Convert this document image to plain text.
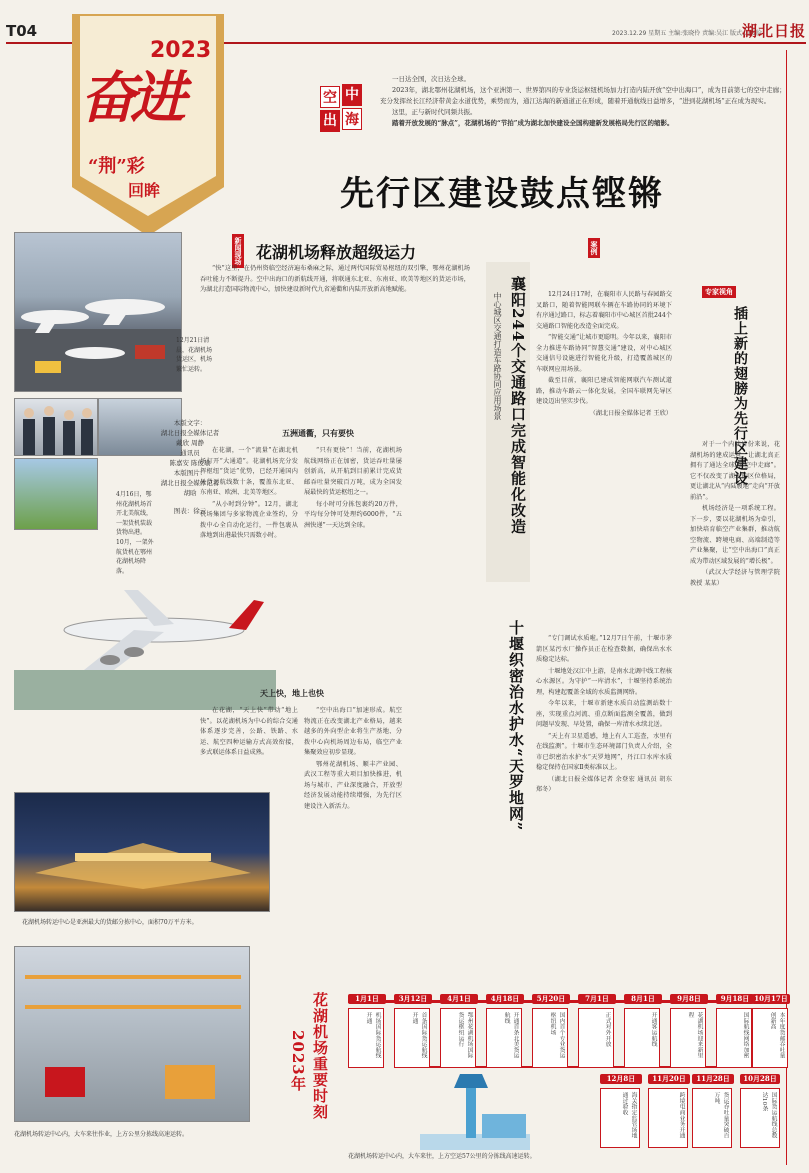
T04	2023.12.29 星期五 主编:张晓伶 责编:吴江 版式:刀俊脸
湖北日报
2023
奋进
“荆”彩
回眸
中
空
海
出

一日达全国，次日达全球。

2023年，湖北鄂州花湖机场，这个亚洲第一、世界第四的专业货运枢纽机场加力打造内陆开放“空中出海口”，成为目前第七的空中走廊；充分发挥丝长江经济带黄金水道优势，乘势而为，通江达海的新通道正在形成，随着开通航线日益增多，“进到花湖机场”正在成为现实。

这里，正与新时代同频共振。

踏着开放发展的“脉点”，花湖机场的“节拍”成为湖北加快建设全国构建新发展格局先行区的缩影。

先行区建设鼓点铿锵
12月21日清晨，花湖机场货运区，机场繁忙运转。
4月16日，鄂州花湖机场首开北美航线，一架货机装载货物出港。
本版文字：
湖北日报全媒体记者
戴欣 周静
通讯员
陈嘉安 陈俊瑜
本版图片：
湖北日报全媒体记者
胡晗
图表：徐云
10月，一架外航货机在鄂州花湖机场降落。
花湖机场转运中心是亚洲最大的货邮分拣中心，面积70万平方米。
花湖机场转运中心内，大车来往作业，上方公里分拣线高速运转。
新闻现场 花湖机场释放超级运力

“快”这里，在仍州资临空经济遍布桑麻之际，通过两代国际贸易枢纽的双引擎，鄂州花湖机场吞吐能力不断提升。空中出海口的新航线开通，将联通东北亚、东南亚、欧美等地区的货运市场，为湖北打造国际物流中心，加快建设新时代九省通衢和内陆开放新高地赋能。

五洲通衢，只有要快

在花湖，一个“流量”在湖北机场打开“大通道”。花湖机场充分发挥枢纽“货运”优势，已经开通国内外货运航线数十条，覆盖东北亚、东南亚、欧洲、北美等地区。

“从小时到分钟”。12月，湖北机场集团与多家物流企业签约，分拨中心全自动化运行，一件包裹从落地到出港最快只需数小时。

“只有更快”！当前，花湖机场航线网络正在加密，货运吞吐量屡创新高，从开航到目前累计完成货邮吞吐量突破百万吨，成为全国发展最快的货运枢纽之一。

每小时可分拣包裹约20万件，平均每分钟可处理约6000件，“五洲快递”一天达到全球。

天上快，地上也快

在花湖，“天上快”带动“地上快”。以花湖机场为中心的综合交通体系逐步完善，公路、铁路、水运、航空四种运输方式高效衔接，多式联运体系日益成熟。

“空中出海口”加速形成。航空物流正在改变湖北产业格局，越来越多的外向型企业将生产基地、分拨中心向机场周边布局，临空产业集聚效应初步显现。

鄂州花湖机场、顺丰产业园、武汉工程等重大项目加快推进，机场与城市、产业深度融合，开放型经济发展动能持续增强，为先行区建设注入新活力。

案例
襄阳244个交通路口完成智能化改造
中心城区交通打造车路协同应用场景	12月24日17时，在襄阳市人民路与春园路交叉路口，随着智能网联车辆在车路协同的环境下有序通过路口，标志着襄阳市中心城区首批244个交通路口智能化改造全面完成。

“智能交通”让城市更聪明。今年以来，襄阳市全力推进车路协同“智慧交通”建设，对中心城区交通信号设施进行智能化升级，打造覆盖城区的车联网应用场景。

截至目前，襄阳已建成智能网联汽车测试道路，推动车路云一体化发展，全国车联网先导区建设迈出坚实步伐。

（湖北日报全媒体记者 王欣）

十堰织密治水护水“天罗地网”	“专门调试水质啦。”12月7日午前，十堰市茅箭区某污水厂操作员正在检查数据，确保出水水质稳定达标。

十堰地处汉江中上游，是南水北调中线工程核心水源区。为守护“一库清水”，十堰坚持系统治理，构建起覆盖全域的水质监测网络。

今年以来，十堰市新建水质自动监测站数十座，实现重点河流、重点断面监测全覆盖，做到问题早发现、早处置，确保一库清水永续北送。

“天上有卫星遥感，地上有人工巡查，水里有在线监测”。十堰市生态环境部门负责人介绍，全市已织密治水护水“天罗地网”，丹江口水库水质稳定保持在国家Ⅱ类标准以上。

（湖北日报全媒体记者 余登宏 通讯员 胡东 郑冬）

专家视角
插上新的翅膀为先行区建设

对于一个内陆省份来说，花湖机场的建成运营，让湖北真正拥有了通达全球的“空中走廊”。它不仅改变了湖北的区位格局，更让湖北从“内陆腹地”走向“开放前沿”。

机场经济是一项系统工程。下一步，要以花湖机场为牵引，加快培育临空产业集群，推动航空物流、跨境电商、高端制造等产业集聚，让“空中出海口”真正成为带动区域发展的“增长极”。

（武汉大学经济与管理学院教授 某某）

花湖机场重要时刻
2023年
1月1日
机场国际货运航线开通
3月12日
首条国际货运航线开通
4月1日
鄂州花湖机场国际货运枢纽运行
4月18日
开通首条北美货运航线
5月20日
国内首个专业货运枢纽机场
7月1日
正式对外开放
8月1日
开通客运航线
9月8日
花湖机场迎来新里程
9月18日
国际航线网络加密
10月17日
本年度货邮吞吐量创新高
12月8日
海关指定监管场地通过验收
11月20日
跨境电商业务开通
11月28日
货运吞吐量突破百万吨
10月28日
国际货运航线总数达10条
花湖机场转运中心内，大车来往，上方空运57公里的分拣线高速运转。
